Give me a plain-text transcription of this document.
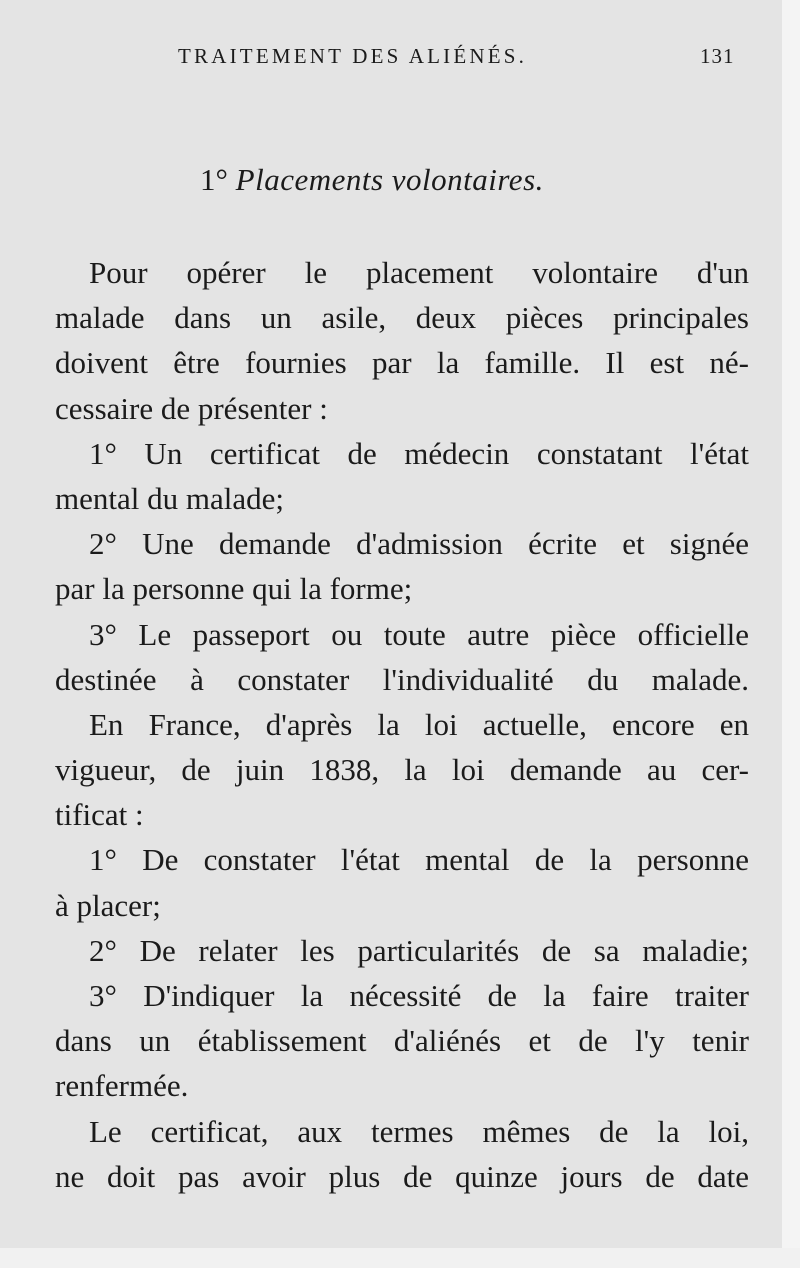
TRAITEMENT DES ALIÉNÉS.	131
1° Placements volontaires.
Pour opérer le placement volontaire d'un
malade dans un asile, deux pièces principales
doivent être fournies par la famille. Il est né-
cessaire de présenter :
1° Un certificat de médecin constatant l'état
mental du malade;
2° Une demande d'admission écrite et signée
par la personne qui la forme;
3° Le passeport ou toute autre pièce officielle
destinée à constater l'individualité du malade.
En France, d'après la loi actuelle, encore en
vigueur, de juin 1838, la loi demande au cer-
tificat :
1° De constater l'état mental de la personne
à placer;
2° De relater les particularités de sa maladie;
3° D'indiquer la nécessité de la faire traiter
dans un établissement d'aliénés et de l'y tenir
renfermée.
Le certificat, aux termes mêmes de la loi,
ne doit pas avoir plus de quinze jours de date
